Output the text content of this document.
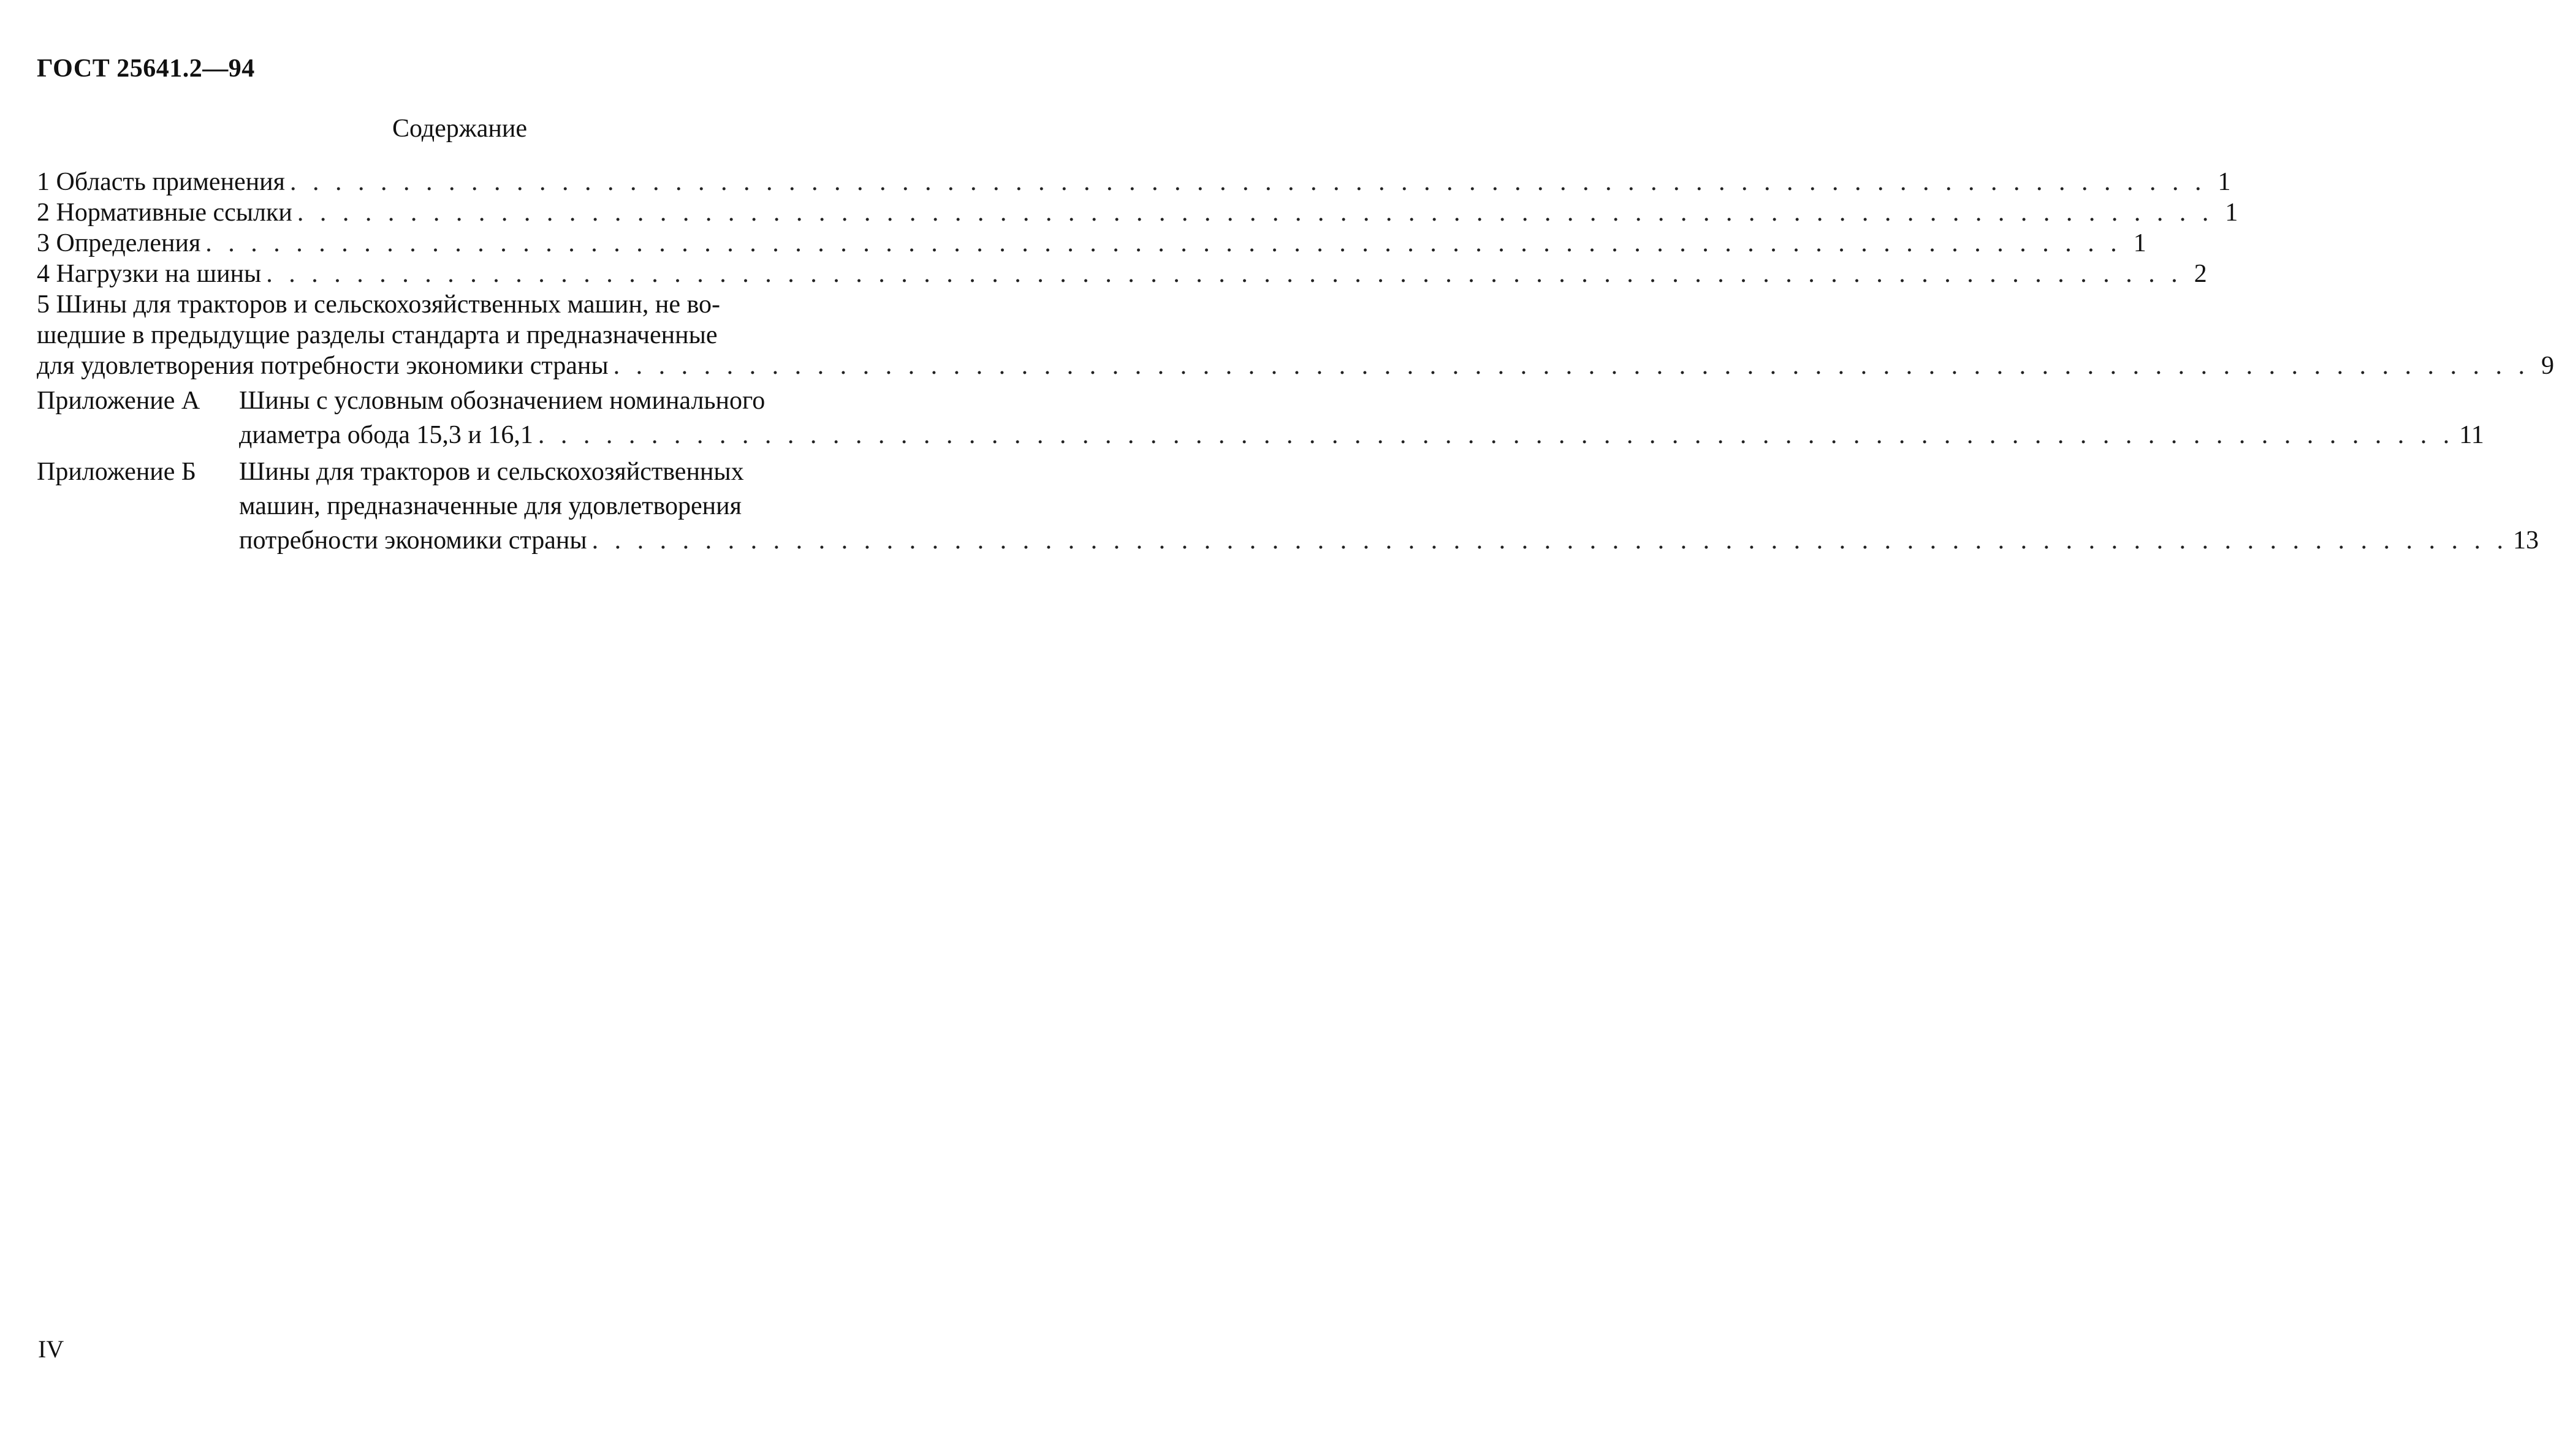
ГОСТ 25641.2—94
Содержание
1 Область применения . . .	1
2 Нормативные ссылки . . .	1
3 Определения . . .	1
4 Нагрузки на шины . . .	2
5 Шины для тракторов и сельскохозяйственных машин, не во-
шедшие в предыдущие разделы стандарта и предназначенные
для удовлетворения потребности экономики страны . . .	9
Приложение А	Шины с условным обозначением номинального
диаметра обода 15,3 и 16,1 . . .	11
Приложение Б	Шины для тракторов и сельскохозяйственных
машин, предназначенные для удовлетворения
потребности экономики страны . . .	13
IV
